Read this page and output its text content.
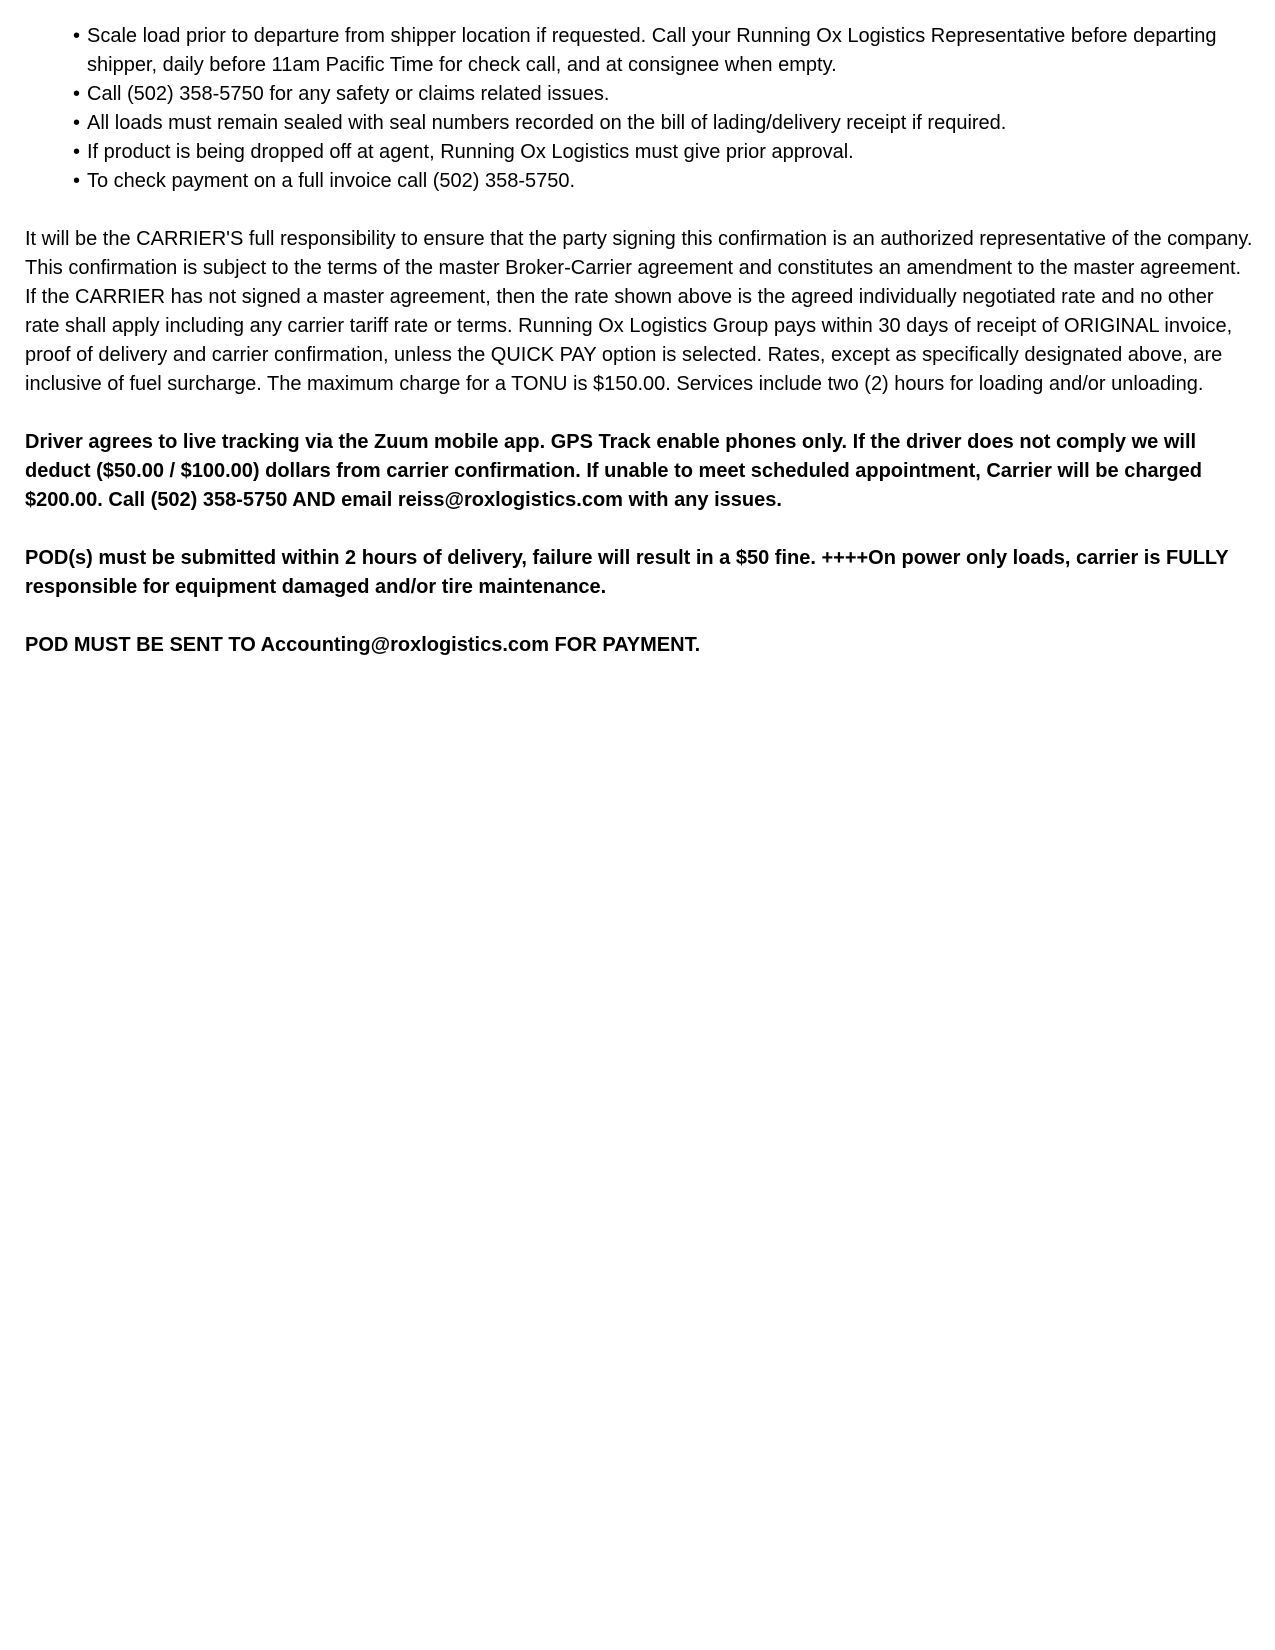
• Scale load prior to departure from shipper location if requested. Call your Running Ox Logistics Representative before departing shipper, daily before 11am Pacific Time for check call, and at consignee when empty.
• Call (502) 358-5750 for any safety or claims related issues.
• All loads must remain sealed with seal numbers recorded on the bill of lading/delivery receipt if required.
• If product is being dropped off at agent, Running Ox Logistics must give prior approval.
• To check payment on a full invoice call (502) 358-5750.

It will be the CARRIER'S full responsibility to ensure that the party signing this confirmation is an authorized representative of the company. This confirmation is subject to the terms of the master Broker-Carrier agreement and constitutes an amendment to the master agreement. If the CARRIER has not signed a master agreement, then the rate shown above is the agreed individually negotiated rate and no other rate shall apply including any carrier tariff rate or terms. Running Ox Logistics Group pays within 30 days of receipt of ORIGINAL invoice, proof of delivery and carrier confirmation, unless the QUICK PAY option is selected. Rates, except as specifically designated above, are inclusive of fuel surcharge. The maximum charge for a TONU is $150.00. Services include two (2) hours for loading and/or unloading.

Driver agrees to live tracking via the Zuum mobile app. GPS Track enable phones only. If the driver does not comply we will deduct ($50.00 / $100.00) dollars from carrier confirmation. If unable to meet scheduled appointment, Carrier will be charged $200.00. Call (502) 358-5750 AND email reiss@roxlogistics.com with any issues.

POD(s) must be submitted within 2 hours of delivery, failure will result in a $50 fine. ++++On power only loads, carrier is FULLY responsible for equipment damaged and/or tire maintenance.

POD MUST BE SENT TO Accounting@roxlogistics.com FOR PAYMENT.
